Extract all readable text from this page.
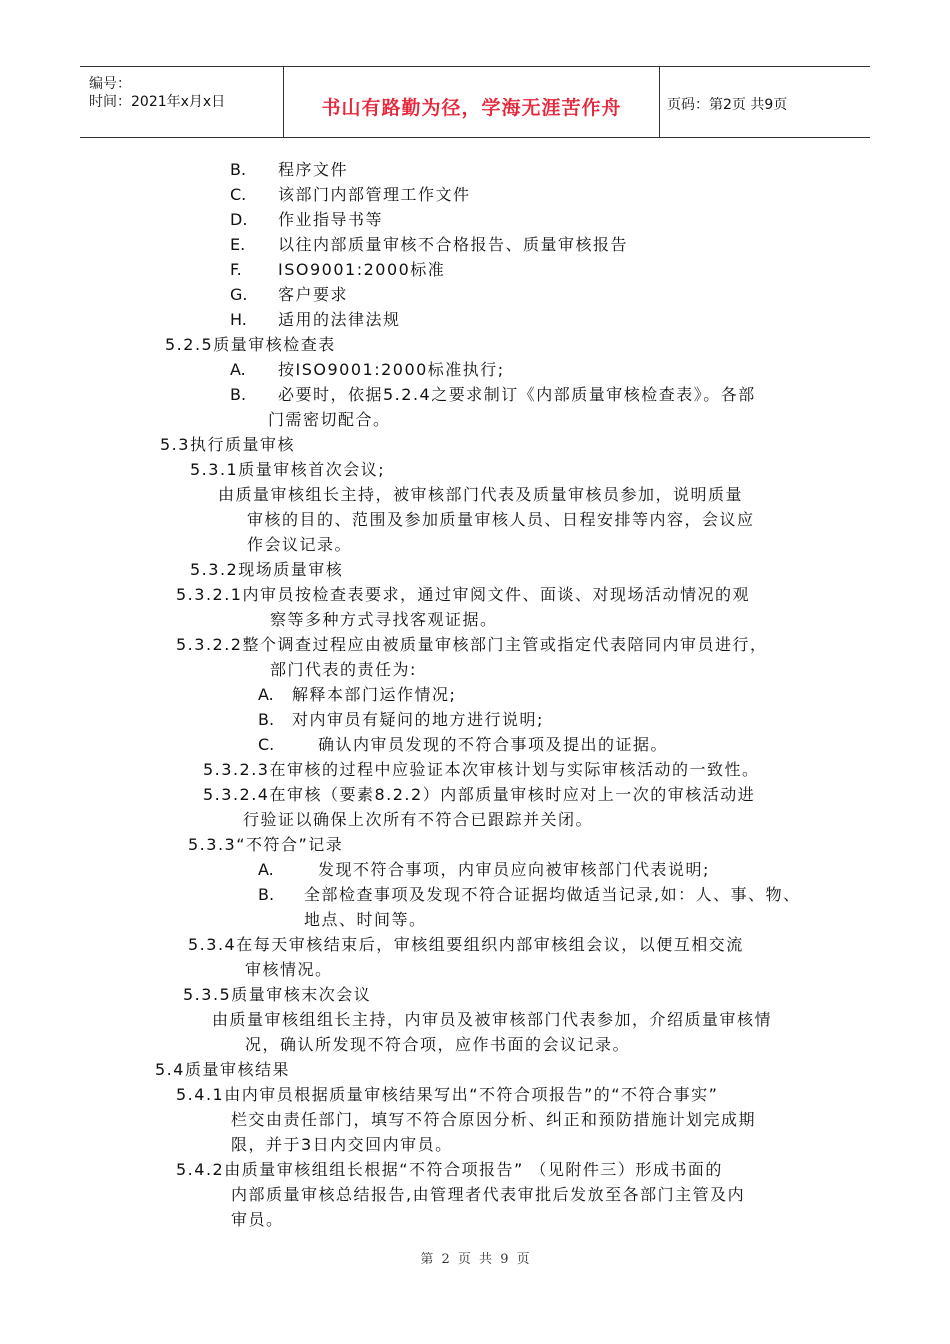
编号：
时间：2021年x月x日	书山有路勤为径，学海无涯苦作舟	页码：第2页 共9页
B. 程序文件
C. 该部门内部管理工作文件
D. 作业指导书等
E. 以往内部质量审核不合格报告、质量审核报告
F. ISO9001:2000标准
G. 客户要求
H. 适用的法律法规
5.2.5质量审核检查表
A. 按ISO9001:2000标准执行;
B. 必要时，依据5.2.4之要求制订《内部质量审核检查表》。各部
门需密切配合。
5.3执行质量审核
5.3.1质量审核首次会议;
由质量审核组长主持，被审核部门代表及质量审核员参加，说明质量
审核的目的、范围及参加质量审核人员、日程安排等内容，会议应
作会议记录。
5.3.2现场质量审核
5.3.2.1内审员按检查表要求，通过审阅文件、面谈、对现场活动情况的观
察等多种方式寻找客观证据。
5.3.2.2整个调查过程应由被质量审核部门主管或指定代表陪同内审员进行，
部门代表的责任为:
A. 解释本部门运作情况;
B. 对内审员有疑问的地方进行说明;
C.	确认内审员发现的不符合事项及提出的证据。
5.3.2.3在审核的过程中应验证本次审核计划与实际审核活动的一致性。
5.3.2.4在审核（要素8.2.2）内部质量审核时应对上一次的审核活动进
行验证以确保上次所有不符合已跟踪并关闭。
5.3.3“不符合”记录
A.	发现不符合事项，内审员应向被审核部门代表说明;
B. 全部检查事项及发现不符合证据均做适当记录,如：人、事、物、
地点、时间等。
5.3.4在每天审核结束后，审核组要组织内部审核组会议，以便互相交流
审核情况。
5.3.5质量审核末次会议
由质量审核组组长主持，内审员及被审核部门代表参加，介绍质量审核情
况，确认所发现不符合项，应作书面的会议记录。
5.4质量审核结果
5.4.1由内审员根据质量审核结果写出“不符合项报告”的“不符合事实”
栏交由责任部门，填写不符合原因分析、纠正和预防措施计划完成期
限，并于3日内交回内审员。
5.4.2由质量审核组组长根据“不符合项报告” （见附件三）形成书面的
内部质量审核总结报告,由管理者代表审批后发放至各部门主管及内
审员。
第 2 页 共 9 页
